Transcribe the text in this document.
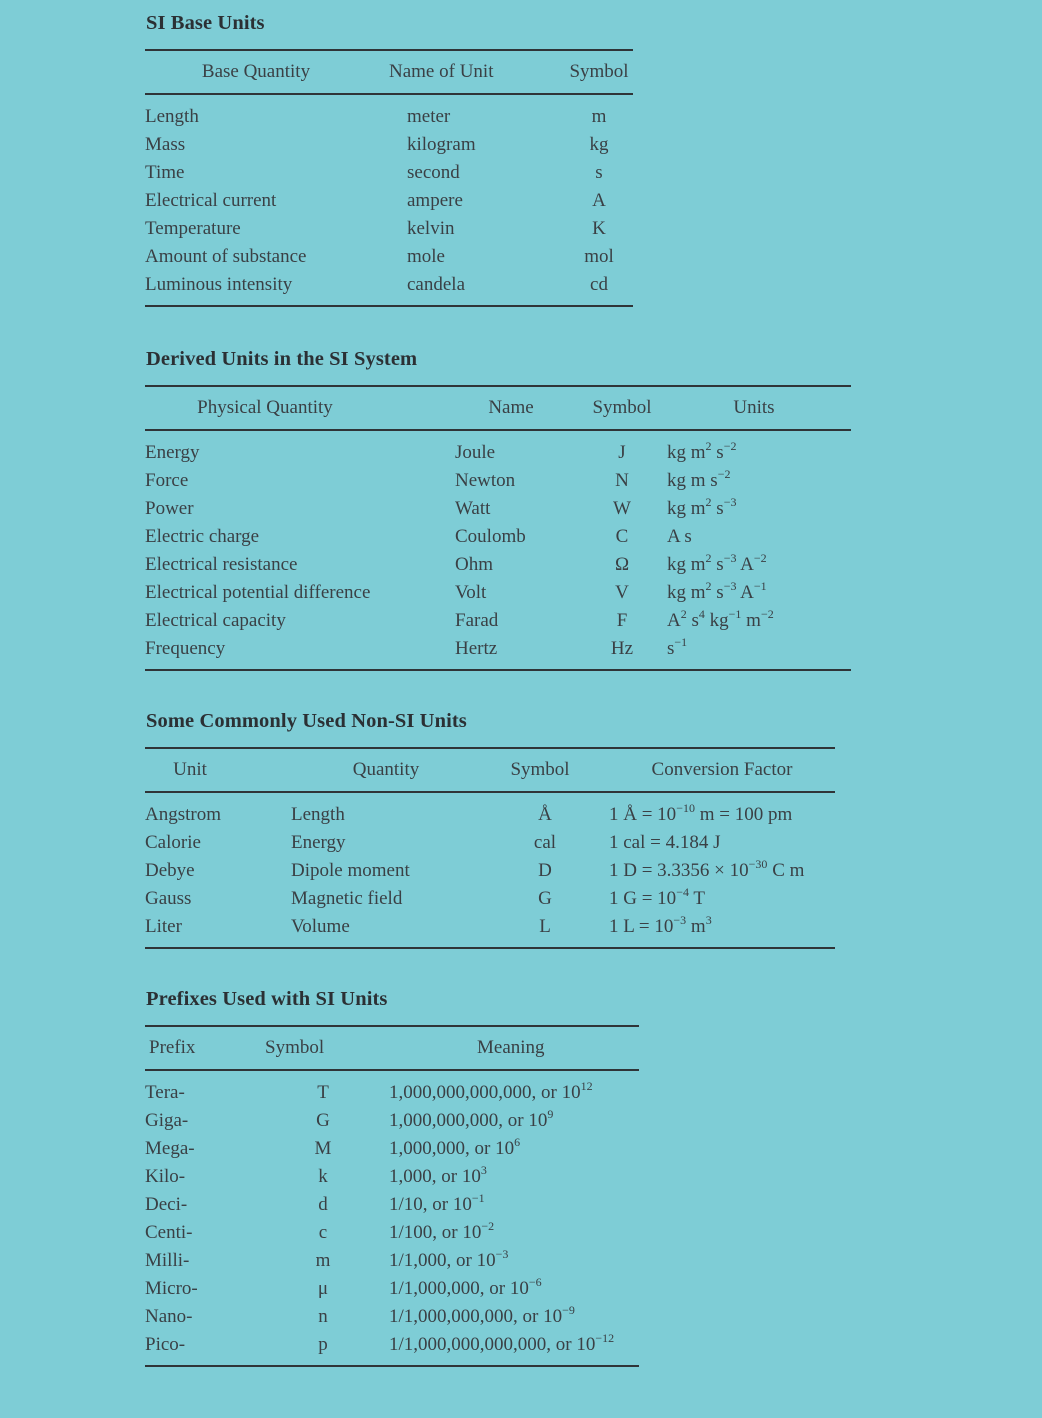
SI Base Units
Base Quantity	Name of Unit	Symbol
Length	meter	m
Mass	kilogram	kg
Time	second	s
Electrical current	ampere	A
Temperature	kelvin	K
Amount of substance	mole	mol
Luminous intensity	candela	cd

Derived Units in the SI System
Physical Quantity	Name	Symbol	Units
Energy	Joule	J	kg $m^2$ $s^{-2}$
Force	Newton	N	kg m $s^{-2}$
Power	Watt	W	kg $m^2$ $s^{-3}$
Electric charge	Coulomb	C	A s
Electrical resistance	Ohm	Ω	kg $m^2$ $s^{-3}$ $A^{-2}$
Electrical potential difference	Volt	V	kg $m^2$ $s^{-3}$ $A^{-1}$
Electrical capacity	Farad	F	$A^2$ $s^4$ $kg^{-1}$ $m^{-2}$
Frequency	Hertz	Hz	$s^{-1}$

Some Commonly Used Non-SI Units
Unit	Quantity	Symbol	Conversion Factor
Angstrom	Length	Å	1 Å = $10^{-10}$ m = 100 pm
Calorie	Energy	cal	1 cal = 4.184 J
Debye	Dipole moment	D	1 $D = 3.3356 \times 10^{-30}$ C m
Gauss	Magnetic field	G	1 $G = 10^{-4}$ T
Liter	Volume	L	1 $L = 10^{-3}$ $m^3$

Prefixes Used with SI Units
Prefix	Symbol	Meaning
Tera-	T	1,000,000,000,000, or $10^{12}$
Giga-	G	1,000,000,000, or $10^9$
Mega-	M	1,000,000, or $10^6$
Kilo-	k	1,000, or $10^3$
Deci-	d	1/10, or $10^{-1}$
Centi-	c	1/100, or $10^{-2}$
Milli-	m	1/1,000, or $10^{-3}$
Micro-	μ	1/1,000,000, or $10^{-6}$
Nano-	n	1/1,000,000,000, or $10^{-9}$
Pico-	p	1/1,000,000,000,000, or $10^{-12}$
